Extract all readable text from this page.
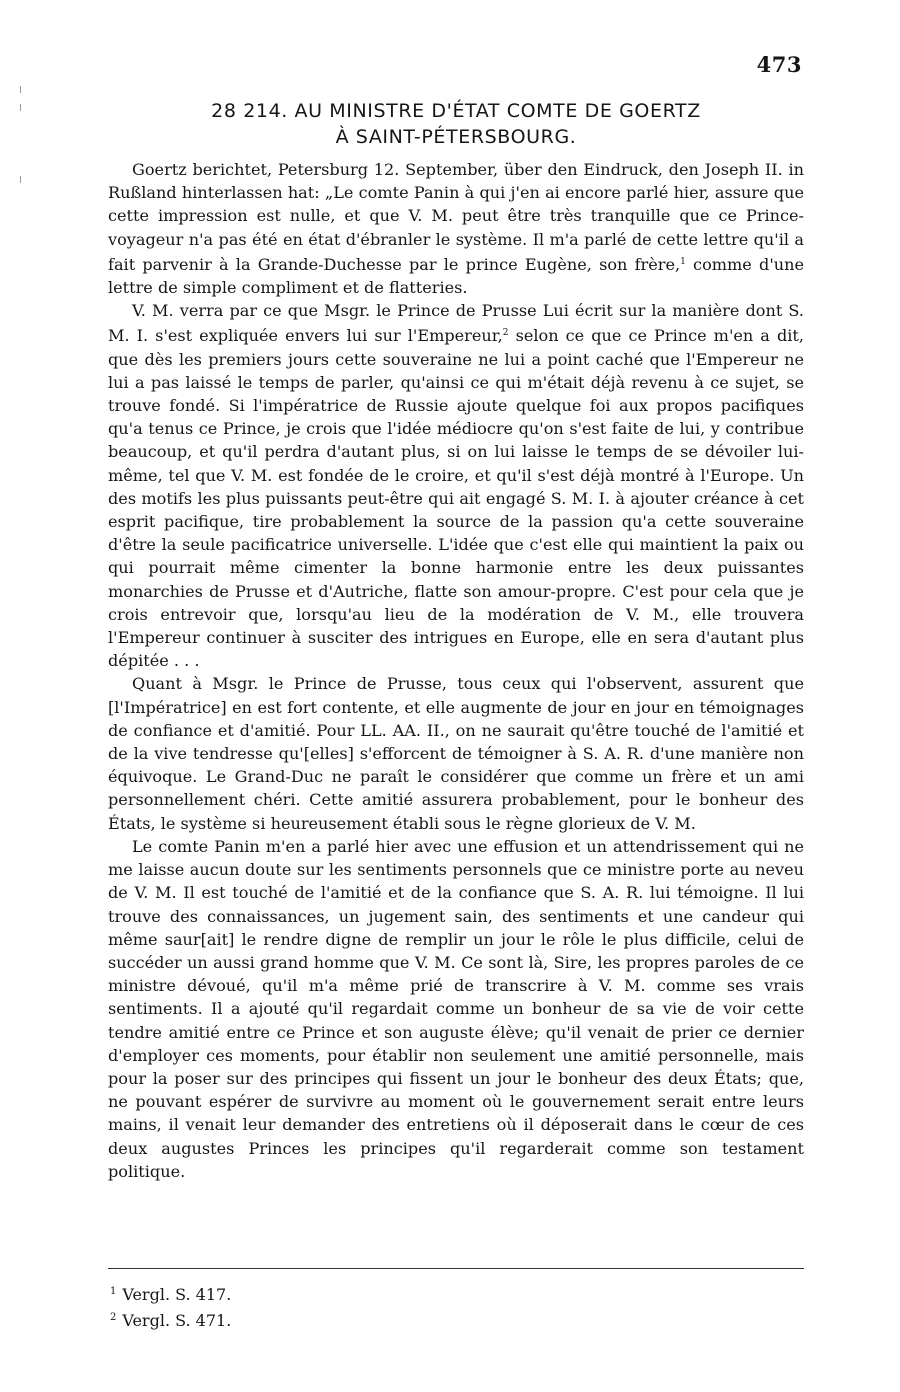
473
28 214. AU MINISTRE D'ÉTAT COMTE DE GOERTZ
À SAINT-PÉTERSBOURG.

Goertz berichtet, Petersburg 12. September, über den Eindruck, den Joseph II. in Rußland hinterlassen hat: „Le comte Panin à qui j'en ai encore parlé hier, assure que cette impression est nulle, et que V. M. peut être très tranquille que ce Prince-voyageur n'a pas été en état d'ébranler le système. Il m'a parlé de cette lettre qu'il a fait parvenir à la Grande-Duchesse par le prince Eugène, son frère,$^1$ comme d'une lettre de simple compliment et de flatteries.

V. M. verra par ce que Msgr. le Prince de Prusse Lui écrit sur la manière dont S. M. I. s'est expliquée envers lui sur l'Empereur,$^2$ selon ce que ce Prince m'en a dit, que dès les premiers jours cette souveraine ne lui a point caché que l'Empereur ne lui a pas laissé le temps de parler, qu'ainsi ce qui m'était déjà revenu à ce sujet, se trouve fondé. Si l'impératrice de Russie ajoute quelque foi aux propos pacifiques qu'a tenus ce Prince, je crois que l'idée médiocre qu'on s'est faite de lui, y contribue beaucoup, et qu'il perdra d'autant plus, si on lui laisse le temps de se dévoiler lui-même, tel que V. M. est fondée de le croire, et qu'il s'est déjà montré à l'Europe. Un des motifs les plus puissants peut-être qui ait engagé S. M. I. à ajouter créance à cet esprit pacifique, tire probablement la source de la passion qu'a cette souveraine d'être la seule pacificatrice universelle. L'idée que c'est elle qui maintient la paix ou qui pourrait même cimenter la bonne harmonie entre les deux puissantes monarchies de Prusse et d'Autriche, flatte son amour-propre. C'est pour cela que je crois entrevoir que, lorsqu'au lieu de la modération de V. M., elle trouvera l'Empereur continuer à susciter des intrigues en Europe, elle en sera d'autant plus dépitée . . .

Quant à Msgr. le Prince de Prusse, tous ceux qui l'observent, assurent que [l'Impératrice] en est fort contente, et elle augmente de jour en jour en témoignages de confiance et d'amitié. Pour LL. AA. II., on ne saurait qu'être touché de l'amitié et de la vive tendresse qu'[elles] s'efforcent de témoigner à S. A. R. d'une manière non équivoque. Le Grand-Duc ne paraît le considérer que comme un frère et un ami personnellement chéri. Cette amitié assurera probablement, pour le bonheur des États, le système si heureusement établi sous le règne glorieux de V. M.

Le comte Panin m'en a parlé hier avec une effusion et un attendrissement qui ne me laisse aucun doute sur les sentiments personnels que ce ministre porte au neveu de V. M. Il est touché de l'amitié et de la confiance que S. A. R. lui témoigne. Il lui trouve des connaissances, un jugement sain, des sentiments et une candeur qui même saur[ait] le rendre digne de remplir un jour le rôle le plus difficile, celui de succéder un aussi grand homme que V. M. Ce sont là, Sire, les propres paroles de ce ministre dévoué, qu'il m'a même prié de transcrire à V. M. comme ses vrais sentiments. Il a ajouté qu'il regardait comme un bonheur de sa vie de voir cette tendre amitié entre ce Prince et son auguste élève; qu'il venait de prier ce dernier d'employer ces moments, pour établir non seulement une amitié personnelle, mais pour la poser sur des principes qui fissent un jour le bonheur des deux États; que, ne pouvant espérer de survivre au moment où le gouvernement serait entre leurs mains, il venait leur demander des entretiens où il déposerait dans le cœur de ces deux augustes Princes les principes qu'il regarderait comme son testament politique.

$^1$ Vergl. S. 417.
$^2$ Vergl. S. 471.
